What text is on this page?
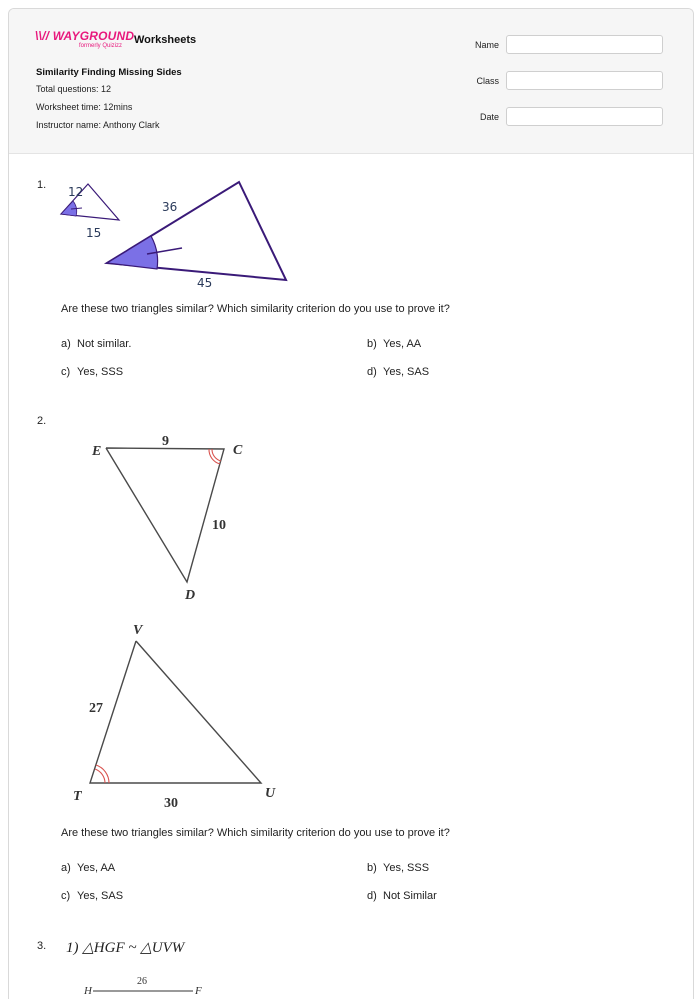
\\// WAYGROUND
formerly Quizizz Worksheets
Similarity Finding Missing Sides
Total questions: 12
Worksheet time: 12mins
Instructor name: Anthony Clark
Name
Class
Date
1. 12
15
36
45
Are these two triangles similar? Which similarity criterion do you use to prove it?
a) Not similar.	b) Yes, AA
c) Yes, SSS	d) Yes, SAS
2.
E	C
D
9
10
V
T	U
27
30
Are these two triangles similar? Which similarity criterion do you use to prove it?
a) Yes, AA	b) Yes, SSS
c) Yes, SAS	d) Not Similar
3. 1) △HGF ~ △UVW
H
26
F
